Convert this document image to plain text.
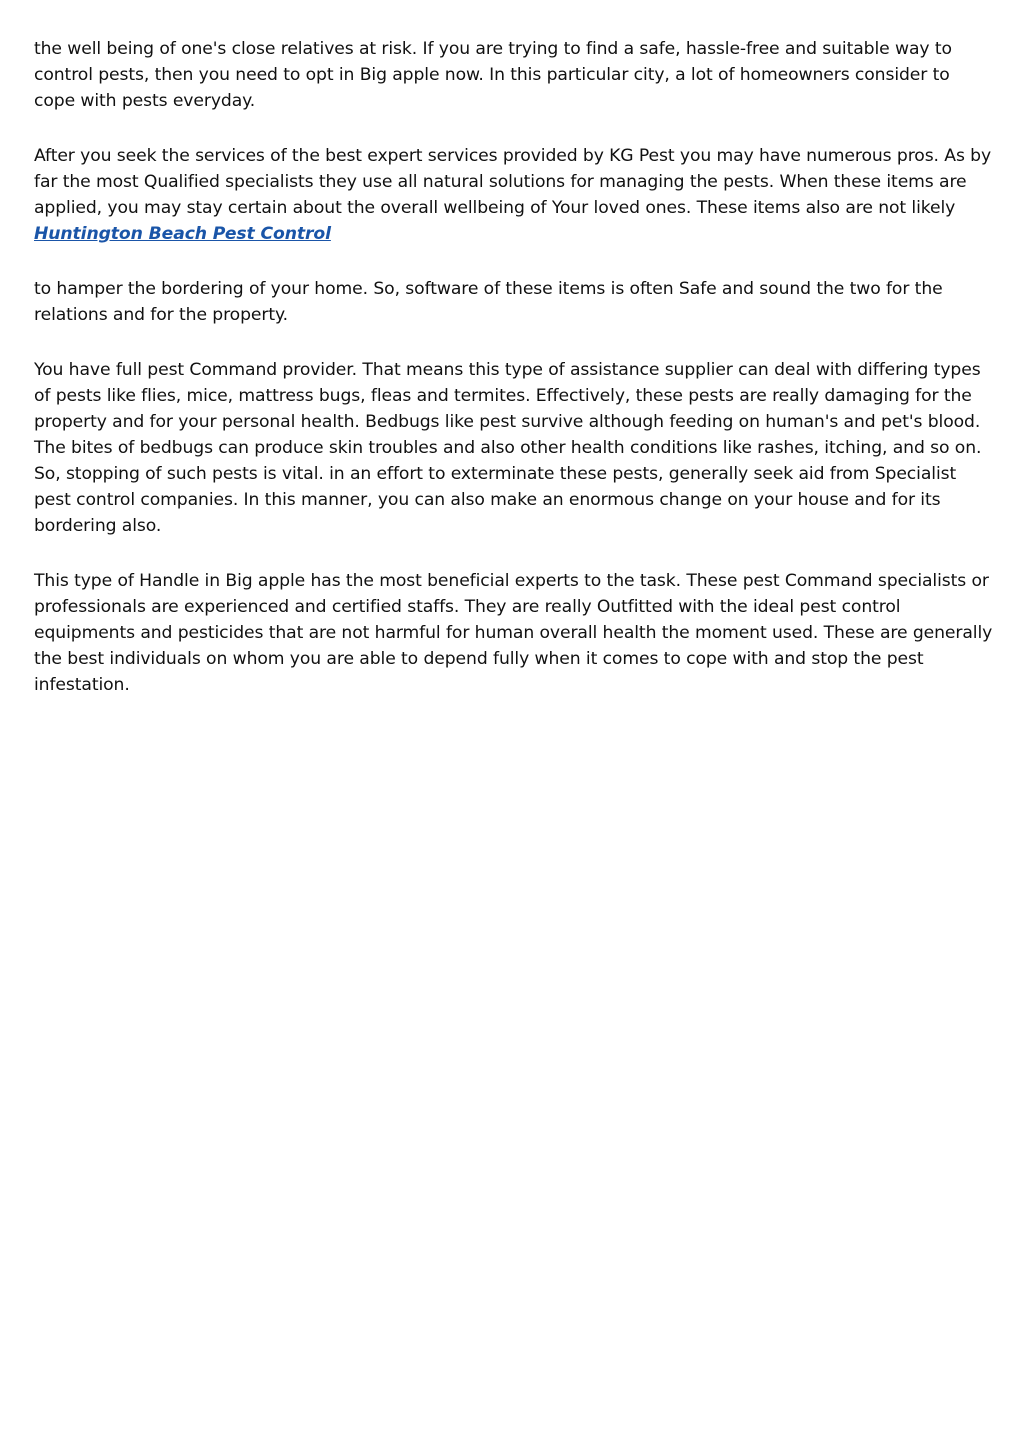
the well being of one's close relatives at risk. If you are trying to find a safe, hassle-free and suitable way to control pests, then you need to opt in Big apple now. In this particular city, a lot of homeowners consider to cope with pests everyday.

After you seek the services of the best expert services provided by KG Pest you may have numerous pros. As by far the most Qualified specialists they use all natural solutions for managing the pests. When these items are applied, you may stay certain about the overall wellbeing of Your loved ones. These items also are not likely Huntington Beach Pest Control

to hamper the bordering of your home. So, software of these items is often Safe and sound the two for the relations and for the property.

You have full pest Command provider. That means this type of assistance supplier can deal with differing types of pests like flies, mice, mattress bugs, fleas and termites. Effectively, these pests are really damaging for the property and for your personal health. Bedbugs like pest survive although feeding on human's and pet's blood. The bites of bedbugs can produce skin troubles and also other health conditions like rashes, itching, and so on. So, stopping of such pests is vital. in an effort to exterminate these pests, generally seek aid from Specialist pest control companies. In this manner, you can also make an enormous change on your house and for its bordering also.

This type of Handle in Big apple has the most beneficial experts to the task. These pest Command specialists or professionals are experienced and certified staffs. They are really Outfitted with the ideal pest control equipments and pesticides that are not harmful for human overall health the moment used. These are generally the best individuals on whom you are able to depend fully when it comes to cope with and stop the pest infestation.
